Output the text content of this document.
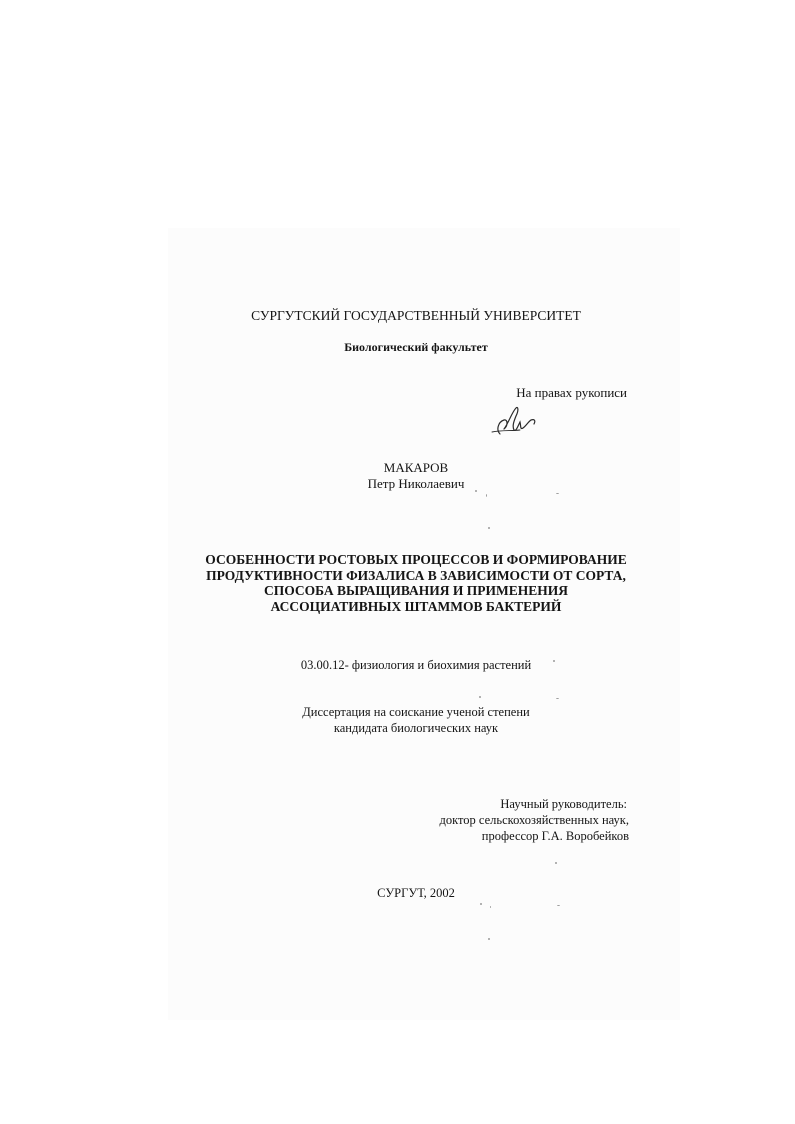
СУРГУТСКИЙ ГОСУДАРСТВЕННЫЙ УНИВЕРСИТЕТ
Биологический факультет
На правах рукописи
МАКАРОВ
Петр Николаевич
ОСОБЕННОСТИ РОСТОВЫХ ПРОЦЕССОВ И ФОРМИРОВАНИЕ
ПРОДУКТИВНОСТИ ФИЗАЛИСА В ЗАВИСИМОСТИ ОТ СОРТА,
СПОСОБА ВЫРАЩИВАНИЯ И ПРИМЕНЕНИЯ
АССОЦИАТИВНЫХ ШТАММОВ БАКТЕРИЙ
03.00.12- физиология и биохимия растений
Диссертация на соискание ученой степени
кандидата биологических наук
Научный руководитель:
доктор сельскохозяйственных наук,
профессор Г.А. Воробейков
СУРГУТ, 2002
